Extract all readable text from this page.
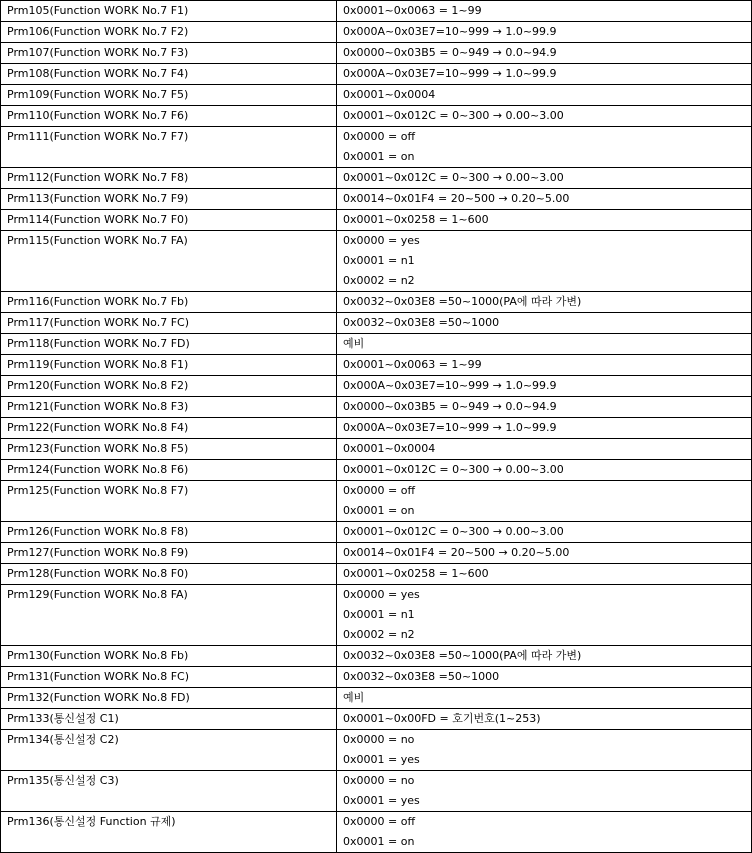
Prm105(Function WORK No.7 F1)	0x0001~0x0063 = 1~99

Prm106(Function WORK No.7 F2)	0x000A~0x03E7=10~999 → 1.0~99.9

Prm107(Function WORK No.7 F3)	0x0000~0x03B5 = 0~949 → 0.0~94.9

Prm108(Function WORK No.7 F4)	0x000A~0x03E7=10~999 → 1.0~99.9

Prm109(Function WORK No.7 F5)	0x0001~0x0004

Prm110(Function WORK No.7 F6)	0x0001~0x012C = 0~300 → 0.00~3.00

Prm111(Function WORK No.7 F7)	0x0000 = off
0x0001 = on

Prm112(Function WORK No.7 F8)	0x0001~0x012C = 0~300 → 0.00~3.00

Prm113(Function WORK No.7 F9)	0x0014~0x01F4 = 20~500 → 0.20~5.00

Prm114(Function WORK No.7 F0)	0x0001~0x0258 = 1~600

Prm115(Function WORK No.7 FA)	0x0000 = yes
0x0001 = n1
0x0002 = n2

Prm116(Function WORK No.7 Fb)	0x0032~0x03E8 =50~1000(PA에 따라 가변)

Prm117(Function WORK No.7 FC)	0x0032~0x03E8 =50~1000

Prm118(Function WORK No.7 FD)	예비

Prm119(Function WORK No.8 F1)	0x0001~0x0063 = 1~99

Prm120(Function WORK No.8 F2)	0x000A~0x03E7=10~999 → 1.0~99.9

Prm121(Function WORK No.8 F3)	0x0000~0x03B5 = 0~949 → 0.0~94.9

Prm122(Function WORK No.8 F4)	0x000A~0x03E7=10~999 → 1.0~99.9

Prm123(Function WORK No.8 F5)	0x0001~0x0004

Prm124(Function WORK No.8 F6)	0x0001~0x012C = 0~300 → 0.00~3.00

Prm125(Function WORK No.8 F7)	0x0000 = off
0x0001 = on

Prm126(Function WORK No.8 F8)	0x0001~0x012C = 0~300 → 0.00~3.00

Prm127(Function WORK No.8 F9)	0x0014~0x01F4 = 20~500 → 0.20~5.00

Prm128(Function WORK No.8 F0)	0x0001~0x0258 = 1~600

Prm129(Function WORK No.8 FA)	0x0000 = yes
0x0001 = n1
0x0002 = n2

Prm130(Function WORK No.8 Fb)	0x0032~0x03E8 =50~1000(PA에 따라 가변)

Prm131(Function WORK No.8 FC)	0x0032~0x03E8 =50~1000

Prm132(Function WORK No.8 FD)	예비

Prm133(통신설정 C1)	0x0001~0x00FD = 호기번호(1~253)

Prm134(통신설정 C2)	0x0000 = no
0x0001 = yes

Prm135(통신설정 C3)	0x0000 = no
0x0001 = yes

Prm136(통신설정 Function 규제)	0x0000 = off
0x0001 = on
